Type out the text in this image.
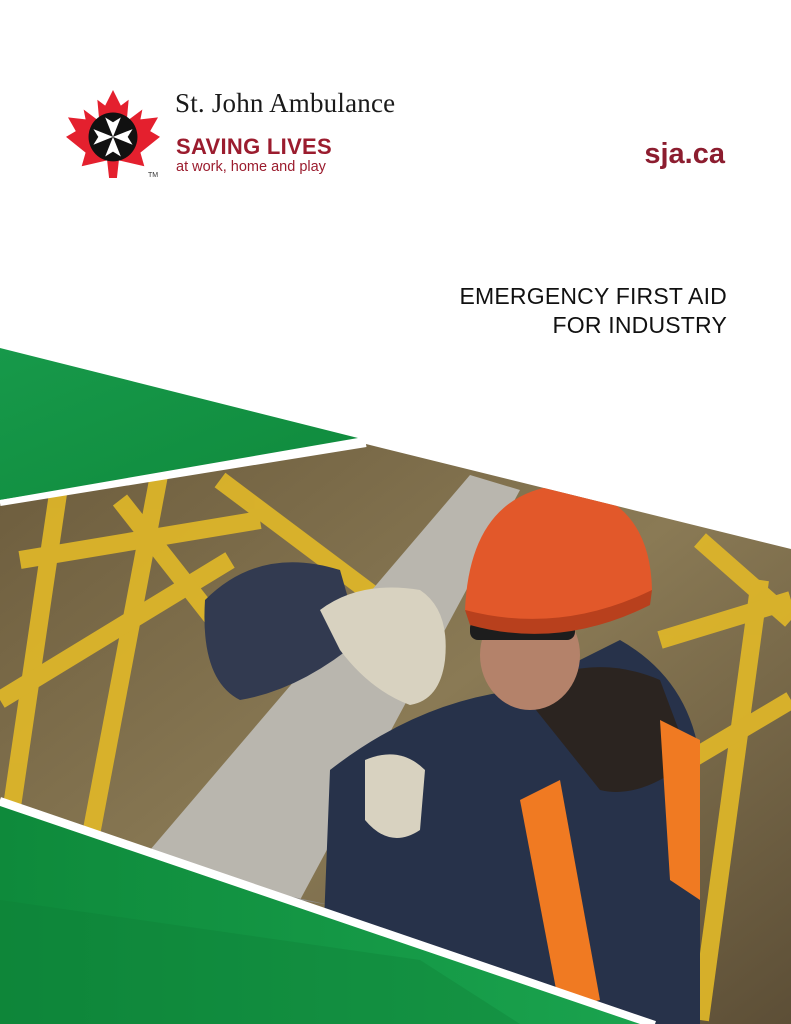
TM
St. John Ambulance
SAVING LIVES
at work, home and play	sja.ca
EMERGENCY FIRST AID
FOR INDUSTRY
